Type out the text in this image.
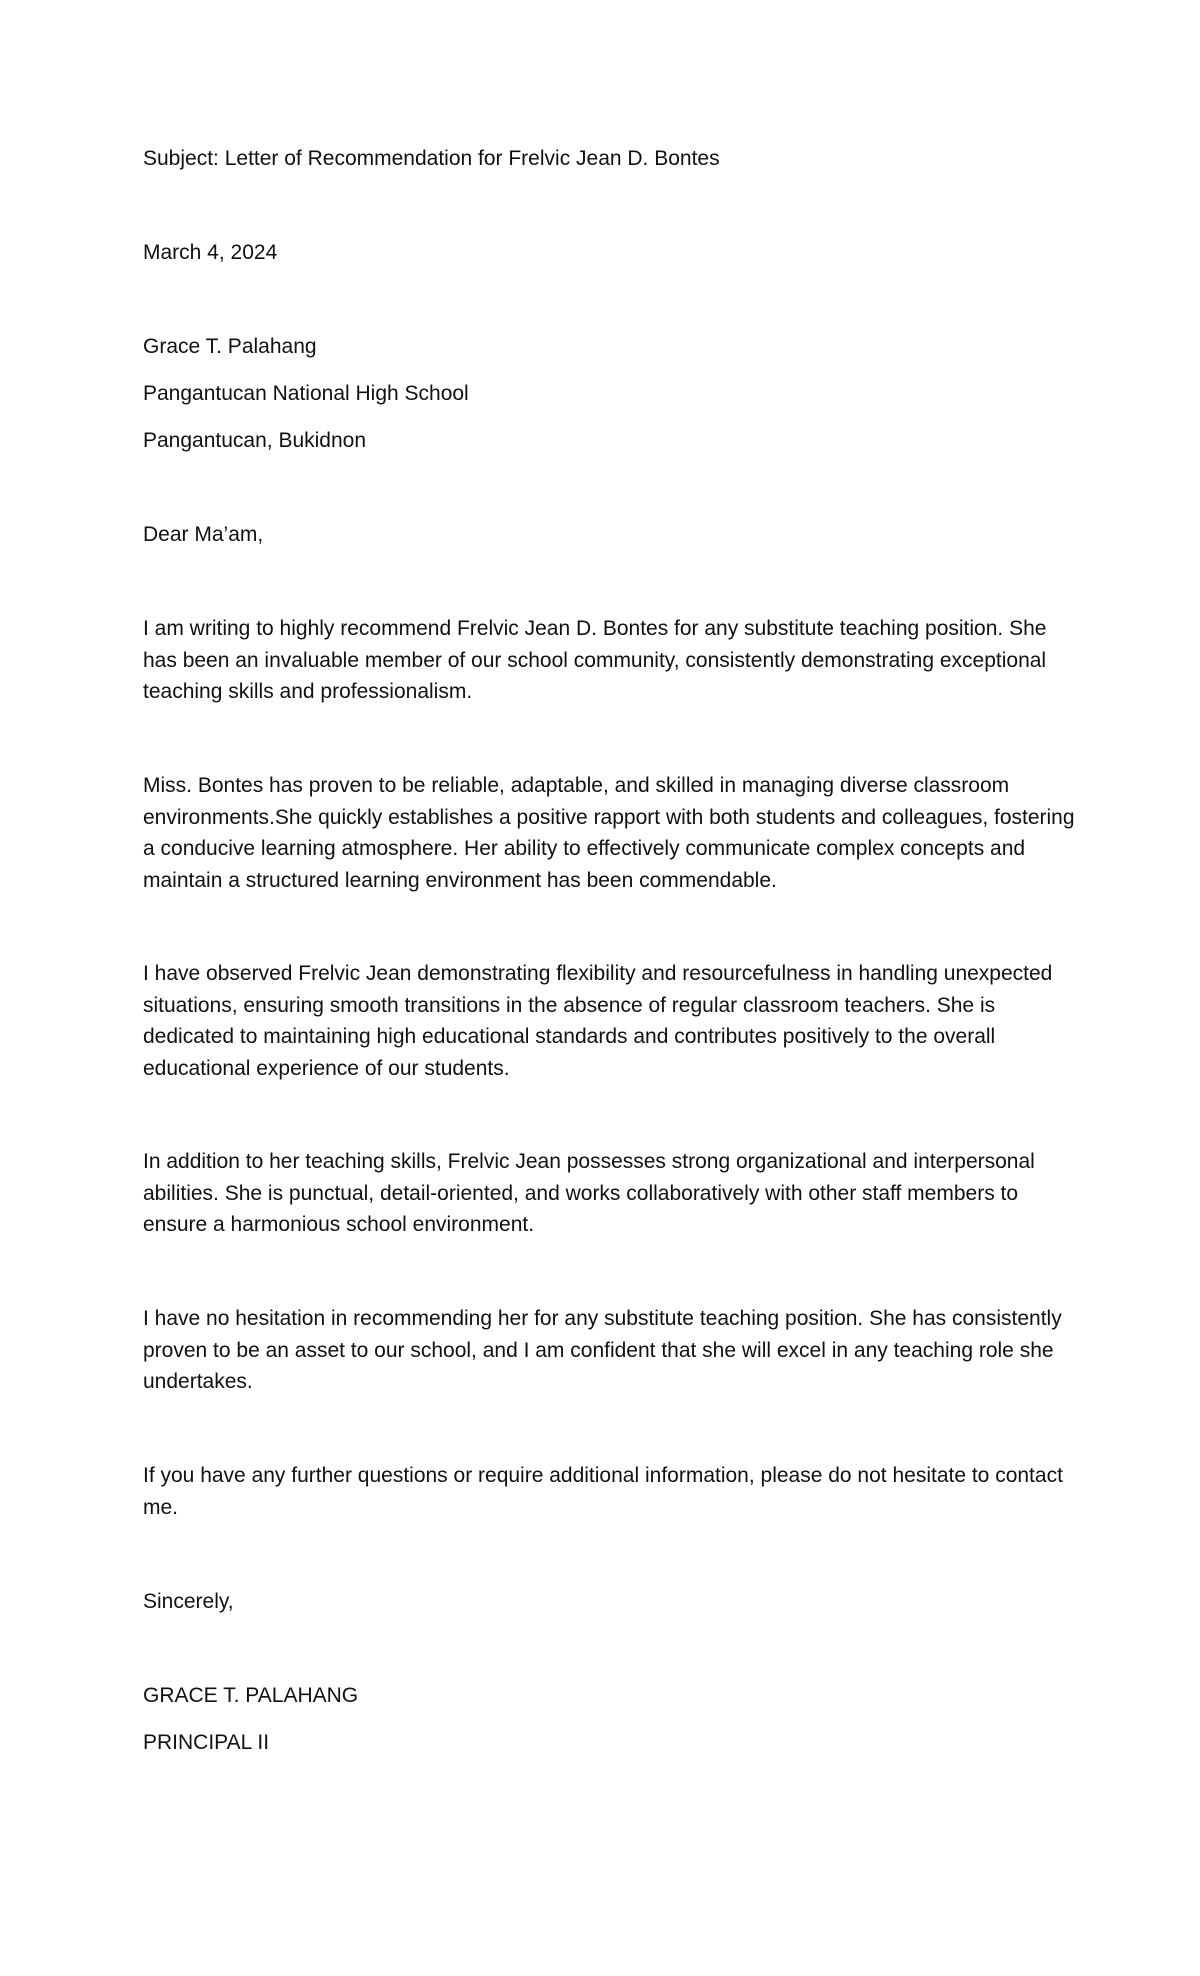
Subject: Letter of Recommendation for Frelvic Jean D. Bontes

March 4, 2024

Grace T. Palahang

Pangantucan National High School

Pangantucan, Bukidnon

Dear Ma’am,

I am writing to highly recommend Frelvic Jean D. Bontes for any substitute teaching position. She has been an invaluable member of our school community, consistently demonstrating exceptional teaching skills and professionalism.

Miss. Bontes has proven to be reliable, adaptable, and skilled in managing diverse classroom environments.She quickly establishes a positive rapport with both students and colleagues, fostering a conducive learning atmosphere. Her ability to effectively communicate complex concepts and maintain a structured learning environment has been commendable.

I have observed Frelvic Jean demonstrating flexibility and resourcefulness in handling unexpected situations, ensuring smooth transitions in the absence of regular classroom teachers. She is dedicated to maintaining high educational standards and contributes positively to the overall educational experience of our students.

In addition to her teaching skills, Frelvic Jean possesses strong organizational and interpersonal abilities. She is punctual, detail-oriented, and works collaboratively with other staff members to ensure a harmonious school environment.

I have no hesitation in recommending her for any substitute teaching position. She has consistently proven to be an asset to our school, and I am confident that she will excel in any teaching role she undertakes.

If you have any further questions or require additional information, please do not hesitate to contact me.

Sincerely,

GRACE T. PALAHANG

PRINCIPAL II
